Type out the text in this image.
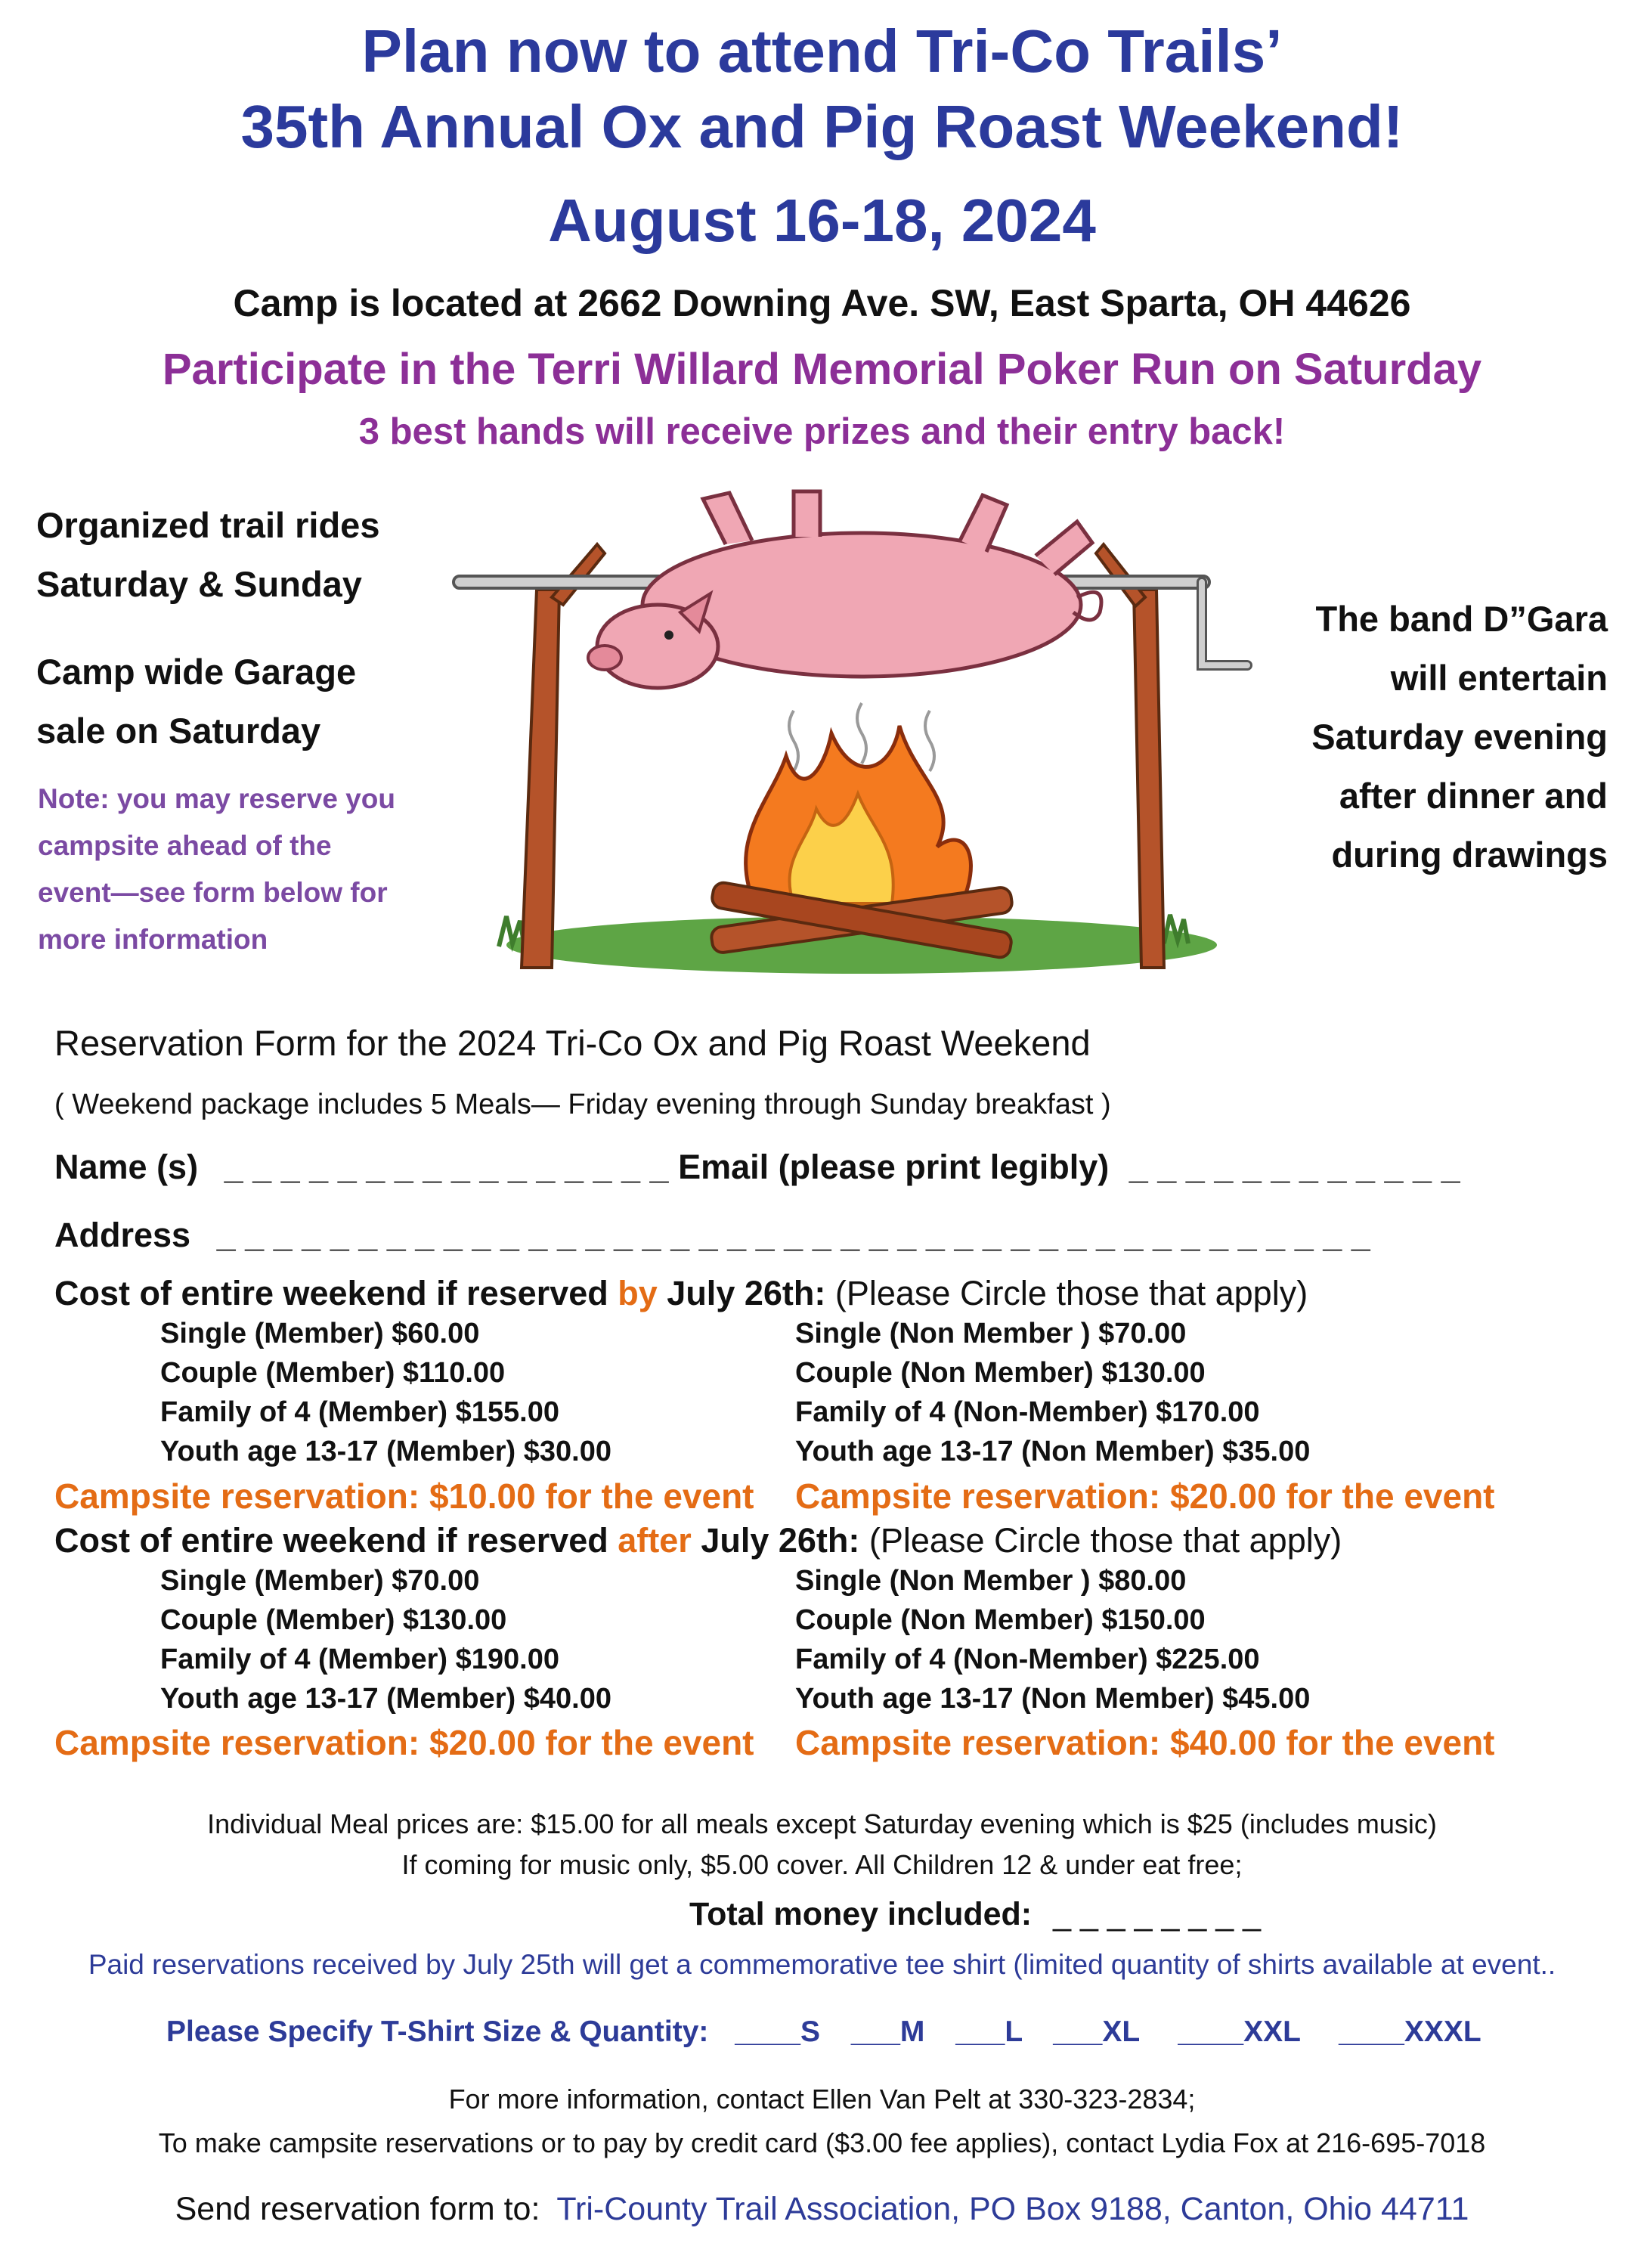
Plan now to attend Tri-Co Trails’
35th Annual Ox and Pig Roast Weekend!
August 16-18, 2024
Camp is located at 2662 Downing Ave. SW, East Sparta, OH 44626
Participate in the Terri Willard Memorial Poker Run on Saturday
3 best hands will receive prizes and their entry back!
Organized trail rides
Saturday & Sunday
Camp wide Garage
sale on Saturday
Note: you may reserve you
campsite ahead of the
event—see form below for
more information
The band D”Gara
will entertain
Saturday evening
after dinner and
during drawings
Reservation Form for the 2024 Tri-Co Ox and Pig Roast Weekend
( Weekend package includes 5 Meals— Friday evening through Sunday breakfast )
Name (s) _ _ _ _ _ _ _ _ _ _ _ _ _ _ _ _ Email (please print legibly) _ _ _ _ _ _ _ _ _ _ _ _
Address _ _ _ _ _ _ _ _ _ _ _ _ _ _ _ _ _ _ _ _ _ _ _ _ _ _ _ _ _ _ _ _ _ _ _ _ _ _ _ _ _
Cost of entire weekend if reserved by July 26th: (Please Circle those that apply)
Single (Member) $60.00
Couple (Member) $110.00
Family of 4 (Member) $155.00
Youth age 13-17 (Member) $30.00
Single (Non Member ) $70.00
Couple (Non Member) $130.00
Family of 4 (Non-Member) $170.00
Youth age 13-17 (Non Member) $35.00
Campsite reservation: $10.00 for the event Campsite reservation: $20.00 for the event
Cost of entire weekend if reserved after July 26th: (Please Circle those that apply)
Single (Member) $70.00
Couple (Member) $130.00
Family of 4 (Member) $190.00
Youth age 13-17 (Member) $40.00
Single (Non Member ) $80.00
Couple (Non Member) $150.00
Family of 4 (Non-Member) $225.00
Youth age 13-17 (Non Member) $45.00
Campsite reservation: $20.00 for the event Campsite reservation: $40.00 for the event
Individual Meal prices are: $15.00 for all meals except Saturday evening which is $25 (includes music)
If coming for music only, $5.00 cover. All Children 12 & under eat free;
Total money included: _ _ _ _ _ _ _ _
Paid reservations received by July 25th will get a commemorative tee shirt (limited quantity of shirts available at event..
Please Specify T-Shirt Size & Quantity: ____S ___M ___L ___XL ____XXL ____XXXL
For more information, contact Ellen Van Pelt at 330-323-2834;
To make campsite reservations or to pay by credit card ($3.00 fee applies), contact Lydia Fox at 216-695-7018
Send reservation form to: Tri-County Trail Association, PO Box 9188, Canton, Ohio 44711
